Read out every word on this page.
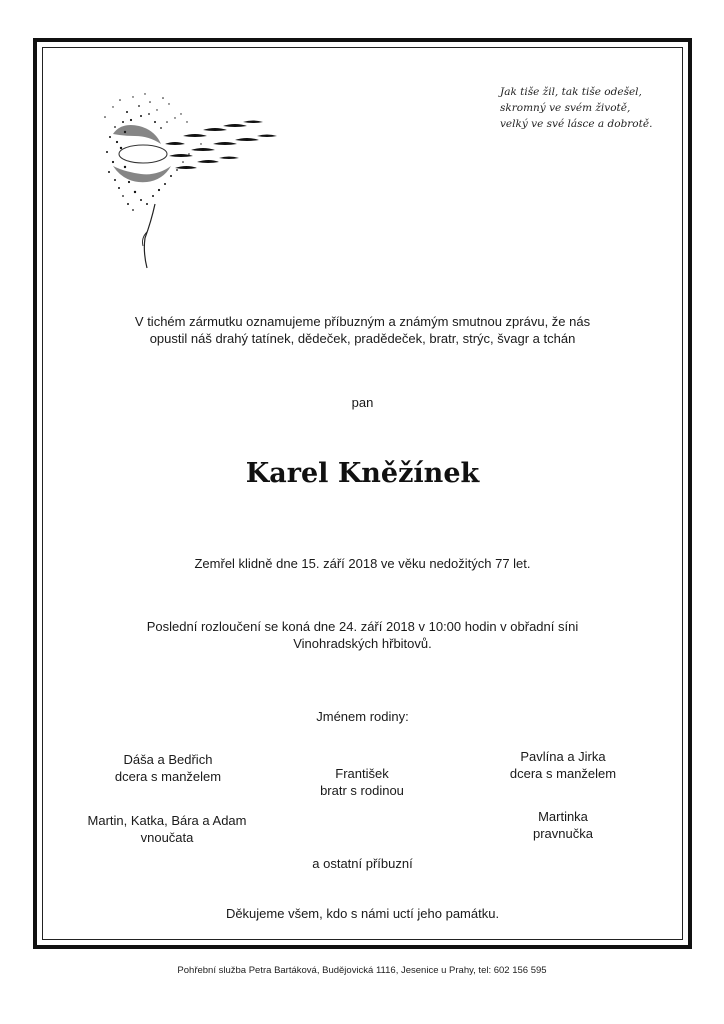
Jak tiše žil, tak tiše odešel,
skromný ve svém životě,
velký ve své lásce a dobrotě.
V tichém zármutku oznamujeme příbuzným a známým smutnou zprávu, že nás
opustil náš drahý tatínek, dědeček, pradědeček, bratr, strýc, švagr a tchán
pan
Karel Kněžínek
Zemřel klidně dne 15. září 2018 ve věku nedožitých 77 let.
Poslední rozloučení se koná dne 24. září 2018 v 10:00 hodin v obřadní síni
Vinohradských hřbitovů.
Jménem rodiny:
Dáša a Bedřich
dcera s manželem	František
bratr s rodinou
Pavlína a Jirka
dcera s manželem
Martin, Katka, Bára a Adam
vnoučata
Martinka
pravnučka
a ostatní příbuzní
Děkujeme všem, kdo s námi uctí jeho památku.
Pohřební služba Petra Bartáková, Budějovická 1116, Jesenice u Prahy, tel: 602 156 595
